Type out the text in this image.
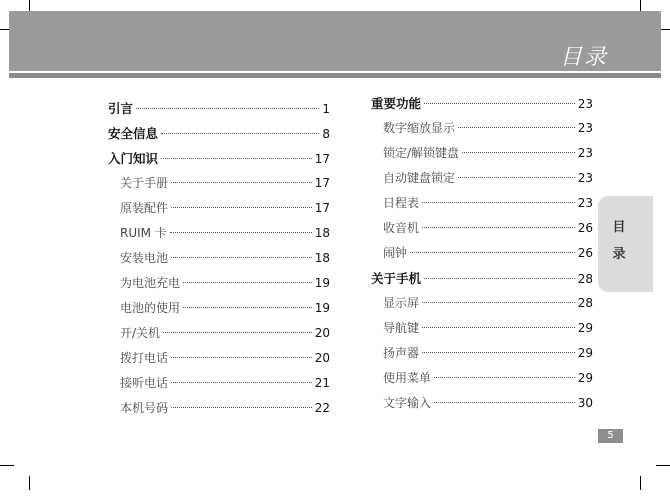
目录
引言	1
安全信息	8
入门知识	17
关于手册	17
原装配件	17
RUIM 卡	18
安装电池	18
为电池充电	19
电池的使用	19
开/关机	20
拨打电话	20
接听电话	21
本机号码	22
重要功能	23
数字缩放显示	23
锁定/解锁键盘	23
自动键盘锁定	23
日程表	23
收音机	26
闹钟	26
关于手机	28
显示屏	28
导航键	29
扬声器	29
使用菜单	29
文字输入	30
目
录
5
